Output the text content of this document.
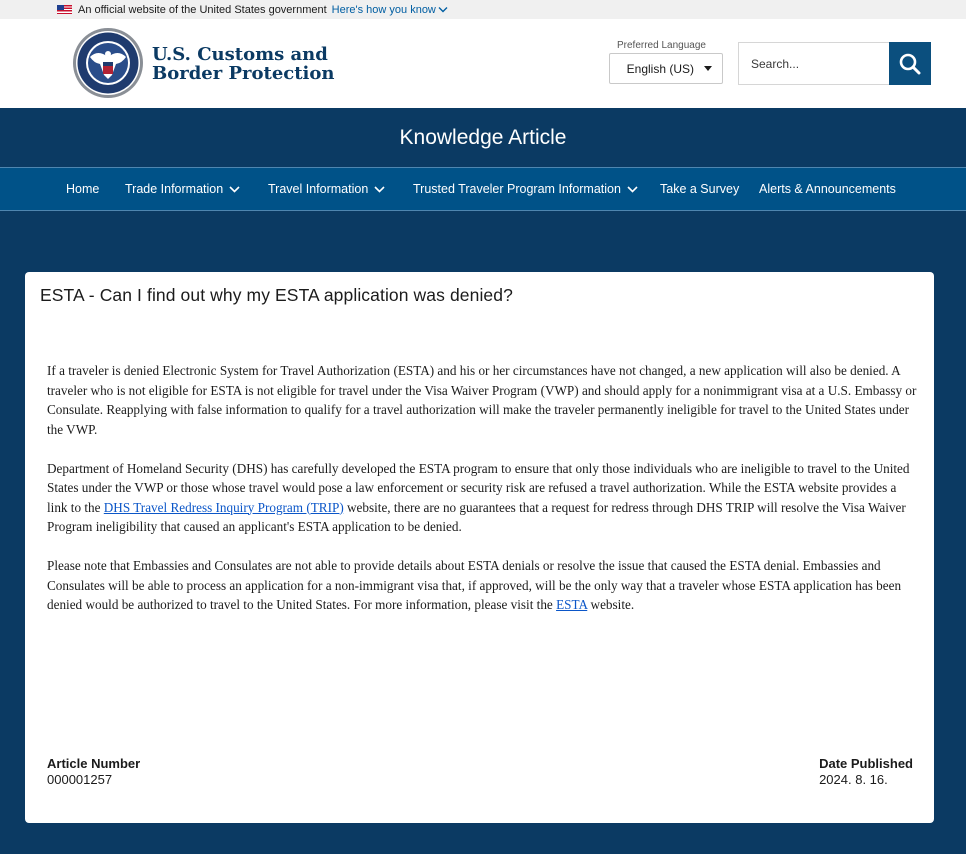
An official website of the United States government Here's how you know
U.S. Customs and
Border Protection
Preferred Language
English (US)
Search...
Knowledge Article
Home Trade Information	Travel Information	Trusted Traveler Program Information	Take a Survey Alerts & Announcements
ESTA - Can I find out why my ESTA application was denied?

If a traveler is denied Electronic System for Travel Authorization (ESTA) and his or her circumstances have not changed, a new application will also be denied. A traveler who is not eligible for ESTA is not eligible for travel under the Visa Waiver Program (VWP) and should apply for a nonimmigrant visa at a U.S. Embassy or Consulate. Reapplying with false information to qualify for a travel authorization will make the traveler permanently ineligible for travel to the United States under the VWP.

Department of Homeland Security (DHS) has carefully developed the ESTA program to ensure that only those individuals who are ineligible to travel to the United States under the VWP or those whose travel would pose a law enforcement or security risk are refused a travel authorization. While the ESTA website provides a link to the DHS Travel Redress Inquiry Program (TRIP) website, there are no guarantees that a request for redress through DHS TRIP will resolve the Visa Waiver Program ineligibility that caused an applicant's ESTA application to be denied.

Please note that Embassies and Consulates are not able to provide details about ESTA denials or resolve the issue that caused the ESTA denial. Embassies and Consulates will be able to process an application for a non-immigrant visa that, if approved, will be the only way that a traveler whose ESTA application has been denied would be authorized to travel to the United States. For more information, please visit the ESTA website.

Article Number
000001257
Date Published
2024. 8. 16.
